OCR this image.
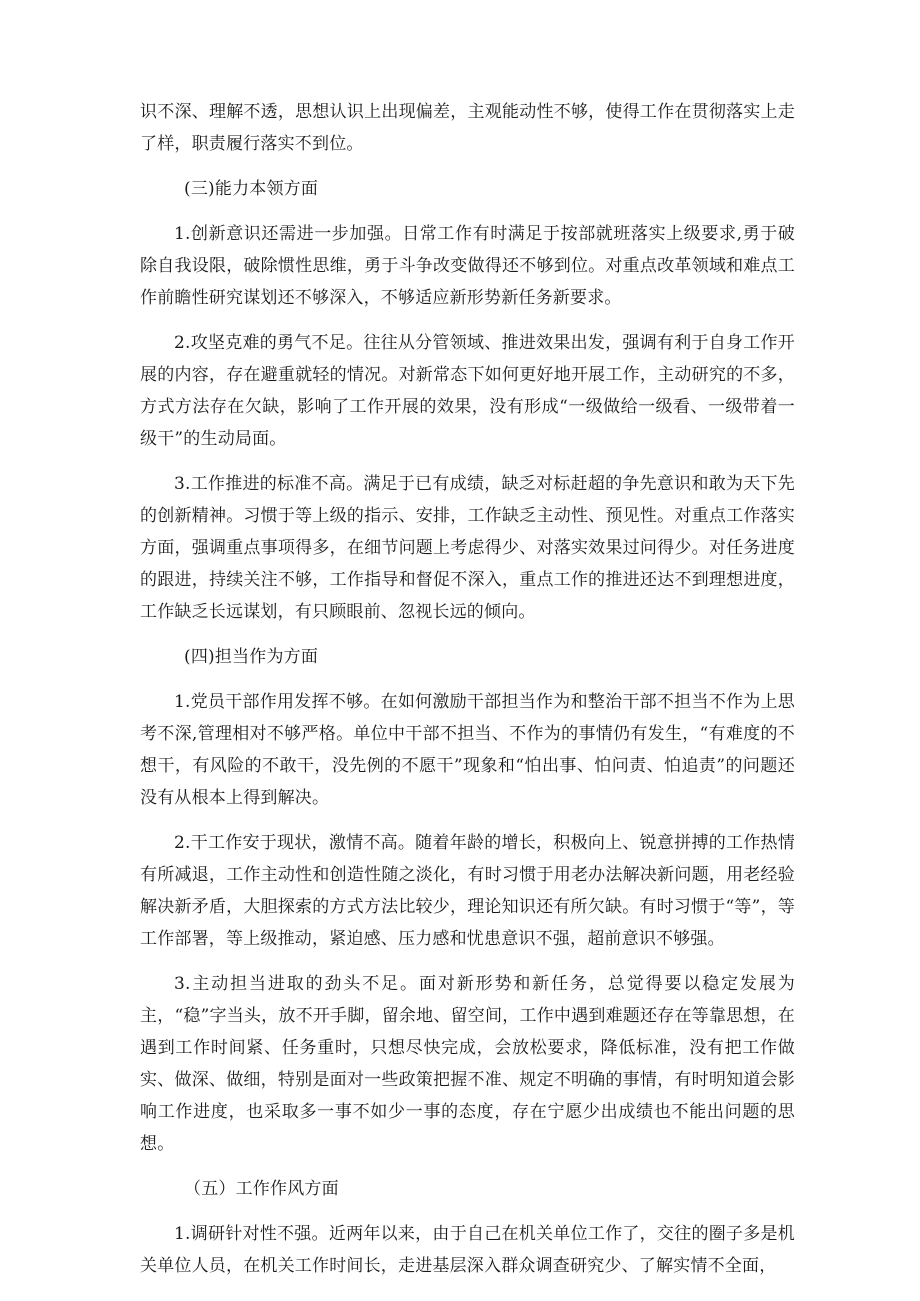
识不深、理解不透，思想认识上出现偏差，主观能动性不够，使得工作在贯彻落实上走了样，职责履行落实不到位。

(三)能力本领方面

1.创新意识还需进一步加强。日常工作有时满足于按部就班落实上级要求,勇于破除自我设限，破除惯性思维，勇于斗争改变做得还不够到位。对重点改革领域和难点工作前瞻性研究谋划还不够深入，不够适应新形势新任务新要求。

2.攻坚克难的勇气不足。往往从分管领域、推进效果出发，强调有利于自身工作开展的内容，存在避重就轻的情况。对新常态下如何更好地开展工作，主动研究的不多，方式方法存在欠缺，影响了工作开展的效果，没有形成“一级做给一级看、一级带着一级干”的生动局面。

3.工作推进的标准不高。满足于已有成绩，缺乏对标赶超的争先意识和敢为天下先的创新精神。习惯于等上级的指示、安排，工作缺乏主动性、预见性。对重点工作落实方面，强调重点事项得多，在细节问题上考虑得少、对落实效果过问得少。对任务进度的跟进，持续关注不够，工作指导和督促不深入，重点工作的推进还达不到理想进度，工作缺乏长远谋划，有只顾眼前、忽视长远的倾向。

(四)担当作为方面

1.党员干部作用发挥不够。在如何激励干部担当作为和整治干部不担当不作为上思考不深,管理相对不够严格。单位中干部不担当、不作为的事情仍有发生，“有难度的不想干，有风险的不敢干，没先例的不愿干”现象和“怕出事、怕问责、怕追责”的问题还没有从根本上得到解决。

2.干工作安于现状，激情不高。随着年龄的增长，积极向上、锐意拼搏的工作热情有所减退，工作主动性和创造性随之淡化，有时习惯于用老办法解决新问题，用老经验解决新矛盾，大胆探索的方式方法比较少，理论知识还有所欠缺。有时习惯于“等”，等工作部署，等上级推动，紧迫感、压力感和忧患意识不强，超前意识不够强。

3.主动担当进取的劲头不足。面对新形势和新任务，总觉得要以稳定发展为主，“稳”字当头，放不开手脚，留余地、留空间，工作中遇到难题还存在等靠思想，在遇到工作时间紧、任务重时，只想尽快完成，会放松要求，降低标准，没有把工作做实、做深、做细，特别是面对一些政策把握不准、规定不明确的事情，有时明知道会影响工作进度，也采取多一事不如少一事的态度，存在宁愿少出成绩也不能出问题的思想。

（五）工作作风方面

1.调研针对性不强。近两年以来，由于自己在机关单位工作了，交往的圈子多是机关单位人员，在机关工作时间长，走进基层深入群众调查研究少、了解实情不全面，
